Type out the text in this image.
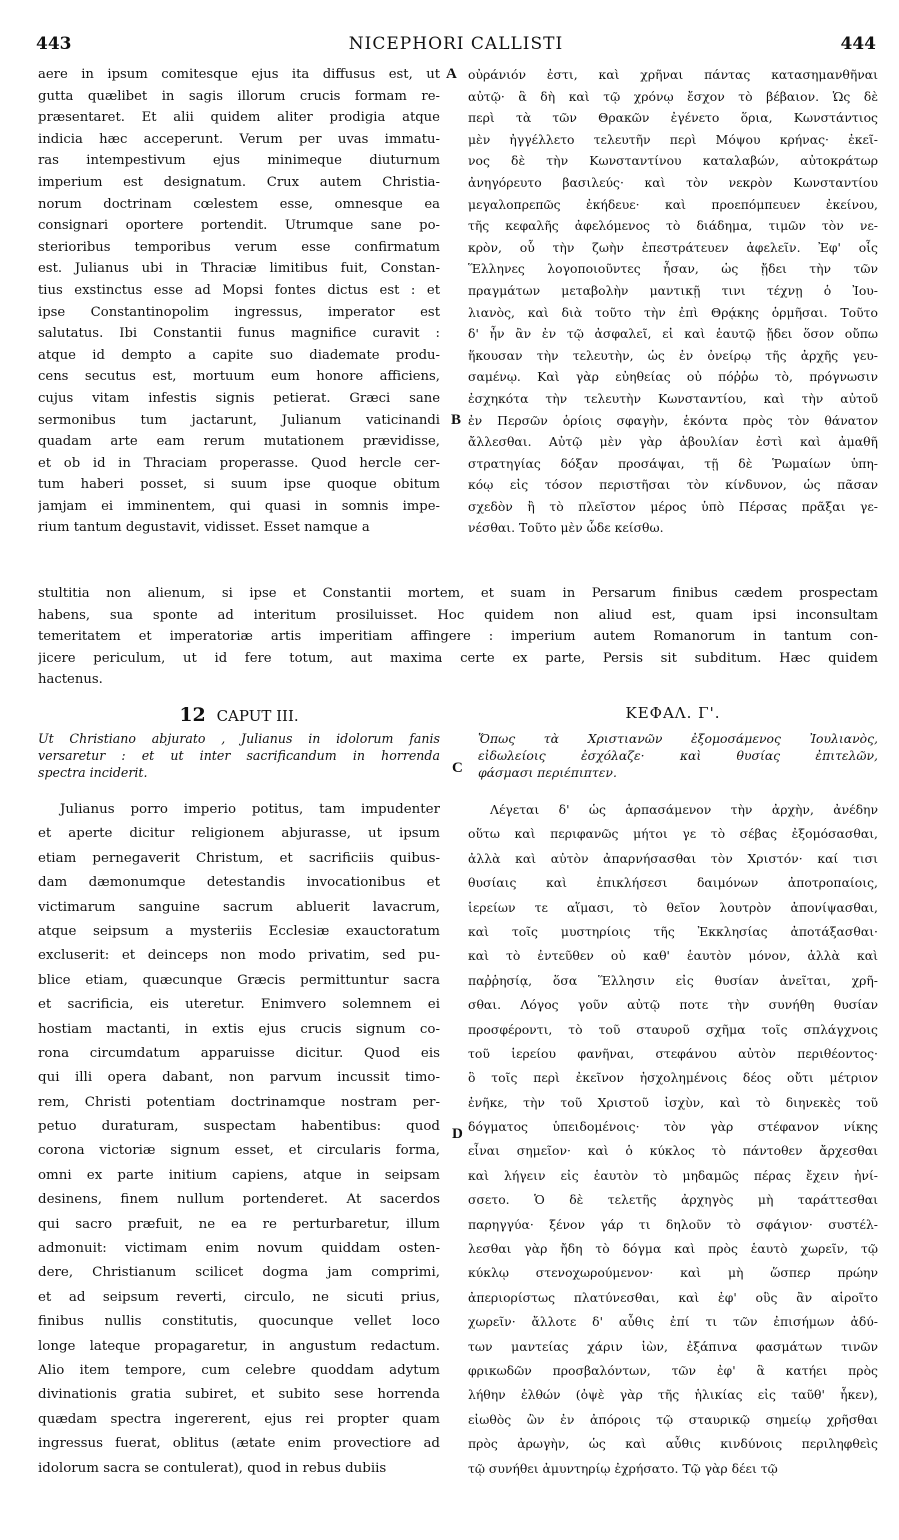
443	NICEPHORI CALLISTI	444
aere in ipsum comitesque ejus ita diffusus est, ut
gutta quælibet in sagis illorum crucis formam re-
præsentaret. Et alii quidem aliter prodigia atque
indicia hæc acceperunt. Verum per uvas immatu-
ras intempestivum ejus minimeque diuturnum
imperium est designatum. Crux autem Christia-
norum doctrinam cœlestem esse, omnesque ea
consignari oportere portendit. Utrumque sane po-
sterioribus temporibus verum esse confirmatum
est. Julianus ubi in Thraciæ limitibus fuit, Constan-
tius exstinctus esse ad Mopsi fontes dictus est : et
ipse Constantinopolim ingressus, imperator est
salutatus. Ibi Constantii funus magnifice curavit :
atque id dempto a capite suo diademate produ-
cens secutus est, mortuum eum honore afficiens,
cujus vitam infestis signis petierat. Græci sane
sermonibus tum jactarunt, Julianum vaticinandi
quadam arte eam rerum mutationem prævidisse,
et ob id in Thraciam properasse. Quod hercle cer-
tum haberi posset, si suum ipse quoque obitum
jamjam ei imminentem, qui quasi in somnis impe-
rium tantum degustavit, vidisset. Esset namque a
οὐράνιόν ἐστι, καὶ χρῆναι πάντας κατασημανθῆναι
αὐτῷ· ἃ δὴ καὶ τῷ χρόνῳ ἔσχον τὸ βέβαιον. Ὡς δὲ
περὶ τὰ τῶν Θρακῶν ἐγένετο ὅρια, Κωνστάντιος
μὲν ἠγγέλλετο τελευτῆν περὶ Μόψου κρήνας· ἐκεῖ-
νος δὲ τὴν Κωνσταντίνου καταλαβών, αὐτοκράτωρ
ἀνηγόρευτο βασιλεύς· καὶ τὸν νεκρὸν Κωνσταντίου
μεγαλοπρεπῶς ἐκήδευε· καὶ προεπόμπευεν ἐκείνου,
τῆς κεφαλῆς ἀφελόμενος τὸ διάδημα, τιμῶν τὸν νε-
κρὸν, οὗ τὴν ζωὴν ἐπεστράτευεν ἀφελεῖν. Ἐφ' οἷς
Ἕλληνες λογοποιοῦντες ἦσαν, ὡς ᾔδει τὴν τῶν
πραγμάτων μεταβολὴν μαντικῇ τινι τέχνῃ ὁ Ἰου-
λιανὸς, καὶ διὰ τοῦτο τὴν ἐπὶ Θρᾴκης ὁρμῆσαι. Τοῦτο
δ' ἦν ἂν ἐν τῷ ἀσφαλεῖ, εἰ καὶ ἑαυτῷ ᾔδει ὅσον οὔπω
ἥκουσαν τὴν τελευτὴν, ὡς ἐν ὀνείρῳ τῆς ἀρχῆς γευ-
σαμένῳ. Καὶ γὰρ εὐηθείας οὐ πόῤῥω τὸ, πρόγνωσιν
ἐσχηκότα τὴν τελευτὴν Κωνσταντίου, καὶ τὴν αὐτοῦ
ἐν Περσῶν ὁρίοις σφαγὴν, ἑκόντα πρὸς τὸν θάνατον
ἄλλεσθαι. Αὐτῷ μὲν γὰρ ἀβουλίαν ἐστὶ καὶ ἀμαθῆ
στρατηγίας δόξαν προσάψαι, τῇ δὲ Ῥωμαίων ὑπη-
κόῳ εἰς τόσον περιστῆσαι τὸν κίνδυνον, ὡς πᾶσαν
σχεδὸν ἢ τὸ πλεῖστον μέρος ὑπὸ Πέρσας πρᾶξαι γε-
νέσθαι. Τοῦτο μὲν ὧδε κείσθω.
A
B
stultitia non alienum, si ipse et Constantii mortem, et suam in Persarum finibus cædem prospectam
habens, sua sponte ad interitum prosiluisset. Hoc quidem non aliud est, quam ipsi inconsultam
temeritatem et imperatoriæ artis imperitiam affingere : imperium autem Romanorum in tantum con-
jicere periculum, ut id fere totum, aut maxima certe ex parte, Persis sit subditum. Hæc quidem
hactenus.
12 CAPUT III.	ΚΕΦΑΛ. Γ'.
Ut Christiano abjurato , Julianus in idolorum fanis
versaretur : et ut inter sacrificandum in horrenda
spectra inciderit.
Ὅπως τὰ Χριστιανῶν ἐξομοσάμενος Ἰουλιανὸς,
εἰδωλείοις ἐσχόλαζε· καὶ θυσίας ἐπιτελῶν,
φάσμασι περιέπιπτεν.
C
Julianus porro imperio potitus, tam impudenter
et aperte dicitur religionem abjurasse, ut ipsum
etiam pernegaverit Christum, et sacrificiis quibus-
dam dæmonumque detestandis invocationibus et
victimarum sanguine sacrum abluerit lavacrum,
atque seipsum a mysteriis Ecclesiæ exauctoratum
excluserit: et deinceps non modo privatim, sed pu-
blice etiam, quæcunque Græcis permittuntur sacra
et sacrificia, eis uteretur. Enimvero solemnem ei
hostiam mactanti, in extis ejus crucis signum co-
rona circumdatum apparuisse dicitur. Quod eis
qui illi opera dabant, non parvum incussit timo-
rem, Christi potentiam doctrinamque nostram per-
petuo duraturam, suspectam habentibus: quod
corona victoriæ signum esset, et circularis forma,
omni ex parte initium capiens, atque in seipsam
desinens, finem nullum portenderet. At sacerdos
qui sacro præfuit, ne ea re perturbaretur, illum
admonuit: victimam enim novum quiddam osten-
dere, Christianum scilicet dogma jam comprimi,
et ad seipsum reverti, circulo, ne sicuti prius,
finibus nullis constitutis, quocunque vellet loco
longe lateque propagaretur, in angustum redactum.
Alio item tempore, cum celebre quoddam adytum
divinationis gratia subiret, et subito sese horrenda
quædam spectra ingererent, ejus rei propter quam
ingressus fuerat, oblitus (ætate enim provectiore ad
idolorum sacra se contulerat), quod in rebus dubiis
Λέγεται δ' ὡς ἁρπασάμενον τὴν ἀρχὴν, ἀνέδην
οὕτω καὶ περιφανῶς μήτοι γε τὸ σέβας ἐξομόσασθαι,
ἀλλὰ καὶ αὐτὸν ἀπαρνήσασθαι τὸν Χριστόν· καί τισι
θυσίαις καὶ ἐπικλήσεσι δαιμόνων ἀποτροπαίοις,
ἱερείων τε αἵμασι, τὸ θεῖον λουτρὸν ἀπονίψασθαι,
καὶ τοῖς μυστηρίοις τῆς Ἐκκλησίας ἀποτάξασθαι·
καὶ τὸ ἐντεῦθεν οὐ καθ' ἑαυτὸν μόνον, ἀλλὰ καὶ
παῤῥησίᾳ, ὅσα Ἕλλησιν εἰς θυσίαν ἀνεῖται, χρῆ-
σθαι. Λόγος γοῦν αὐτῷ ποτε τὴν συνήθη θυσίαν
προσφέροντι, τὸ τοῦ σταυροῦ σχῆμα τοῖς σπλάγχνοις
τοῦ ἱερείου φανῆναι, στεφάνου αὐτὸν περιθέοντος·
ὃ τοῖς περὶ ἐκεῖνον ἠσχολημένοις δέος οὔτι μέτριον
ἐνῆκε, τὴν τοῦ Χριστοῦ ἰσχὺν, καὶ τὸ διηνεκὲς τοῦ
δόγματος ὑπειδομένοις· τὸν γὰρ στέφανον νίκης
εἶναι σημεῖον· καὶ ὁ κύκλος τὸ πάντοθεν ἄρχεσθαι
καὶ λήγειν εἰς ἑαυτὸν τὸ μηδαμῶς πέρας ἔχειν ἠνί-
σσετο. Ὁ δὲ τελετῆς ἀρχηγὸς μὴ ταράττεσθαι
παρηγγύα· ξένον γάρ τι δηλοῦν τὸ σφάγιον· συστέλ-
λεσθαι γὰρ ἤδη τὸ δόγμα καὶ πρὸς ἑαυτὸ χωρεῖν, τῷ
κύκλῳ στενοχωρούμενον· καὶ μὴ ὥσπερ πρώην
ἀπεριορίστως πλατύνεσθαι, καὶ ἐφ' οὓς ἂν αἱροῖτο
χωρεῖν· ἄλλοτε δ' αὖθις ἐπί τι τῶν ἐπισήμων ἀδύ-
των μαντείας χάριν ἰὼν, ἐξάπινα φασμάτων τινῶν
φρικωδῶν προσβαλόντων, τῶν ἐφ' ἃ κατήει πρὸς
λήθην ἐλθών (ὀψὲ γὰρ τῆς ἡλικίας εἰς ταῦθ' ἧκεν),
εἰωθὸς ὢν ἐν ἀπόροις τῷ σταυρικῷ σημείῳ χρῆσθαι
πρὸς ἀρωγὴν, ὡς καὶ αὖθις κινδύνοις περιληφθεὶς
τῷ συνήθει ἀμυντηρίῳ ἐχρήσατο. Τῷ γὰρ δέει τῷ
D
